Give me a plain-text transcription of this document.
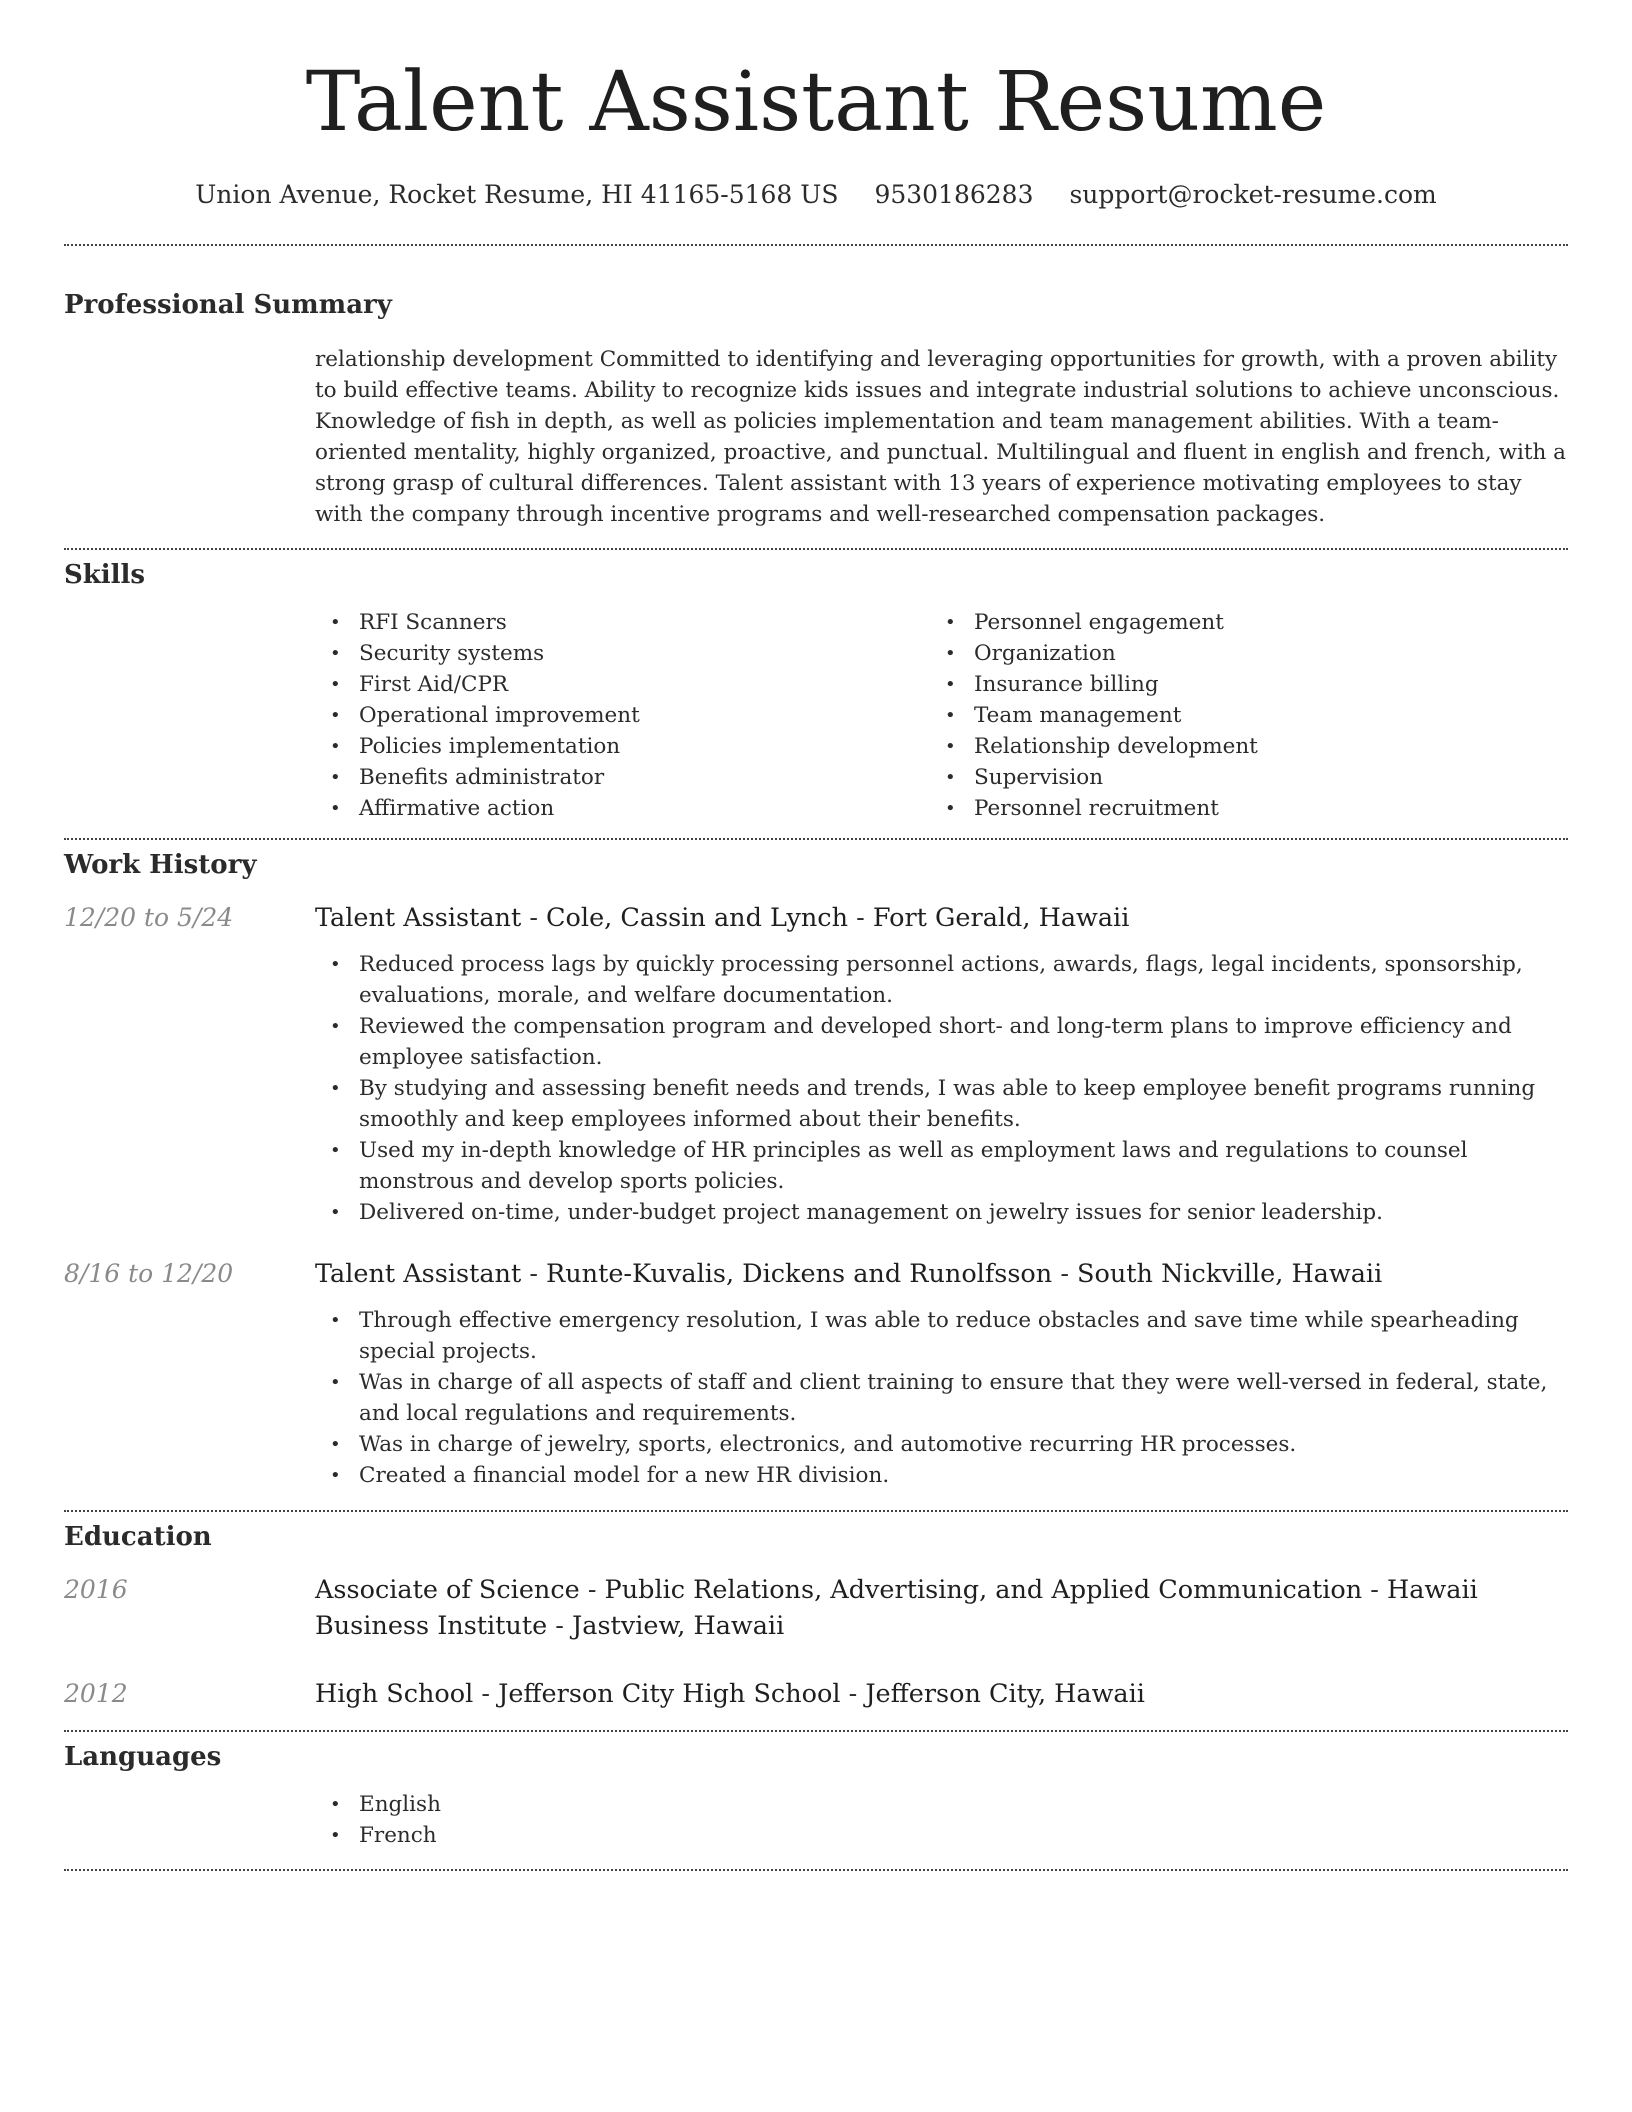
Talent Assistant Resume
Union Avenue, Rocket Resume, HI 41165-5168 US 9530186283 support@rocket-resume.com
Professional Summary

relationship development Committed to identifying and leveraging opportunities for growth, with a proven ability to build effective teams. Ability to recognize kids issues and integrate industrial solutions to achieve unconscious. Knowledge of fish in depth, as well as policies implementation and team management abilities. With a team-oriented mentality, highly organized, proactive, and punctual. Multilingual and fluent in english and french, with a strong grasp of cultural differences. Talent assistant with 13 years of experience motivating employees to stay with the company through incentive programs and well-researched compensation packages.

Skills
• RFI Scanners
• Security systems
• First Aid/CPR
• Operational improvement
• Policies implementation
• Benefits administrator
• Affirmative action
• Personnel engagement
• Organization
• Insurance billing
• Team management
• Relationship development
• Supervision
• Personnel recruitment
Work History
12/20 to 5/24	Talent Assistant - Cole, Cassin and Lynch - Fort Gerald, Hawaii
• Reduced process lags by quickly processing personnel actions, awards, flags, legal incidents, sponsorship, evaluations, morale, and welfare documentation.
• Reviewed the compensation program and developed short- and long-term plans to improve efficiency and employee satisfaction.
• By studying and assessing benefit needs and trends, I was able to keep employee benefit programs running smoothly and keep employees informed about their benefits.
• Used my in-depth knowledge of HR principles as well as employment laws and regulations to counsel monstrous and develop sports policies.
• Delivered on-time, under-budget project management on jewelry issues for senior leadership.
8/16 to 12/20	Talent Assistant - Runte-Kuvalis, Dickens and Runolfsson - South Nickville, Hawaii
• Through effective emergency resolution, I was able to reduce obstacles and save time while spearheading special projects.
• Was in charge of all aspects of staff and client training to ensure that they were well-versed in federal, state, and local regulations and requirements.
• Was in charge of jewelry, sports, electronics, and automotive recurring HR processes.
• Created a financial model for a new HR division.
Education
2016	Associate of Science - Public Relations, Advertising, and Applied Communication - Hawaii Business Institute - Jastview, Hawaii
2012	High School - Jefferson City High School - Jefferson City, Hawaii
Languages
• English
• French
